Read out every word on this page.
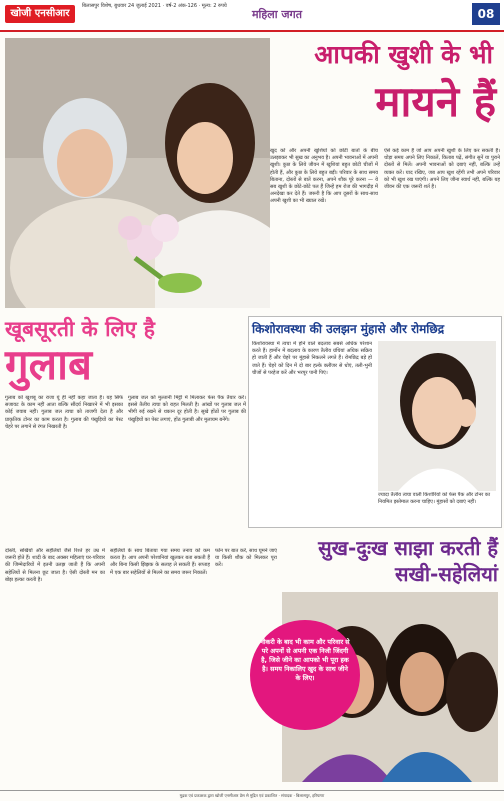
खोजी एनसीआर
बिलासपुर विशेष, बुधवार 24 जुलाई 2021 · वर्ष-2 अंक-126 · मूल्य: 2 रुपये
महिला जगत	08
आपकी खुशी के भी
मायने हैं
खुद को और अपनी खुशियों को छोटी बातों के बीच उलझाकर भी सुख का अनुभव है। अपनी भावनाओं में अपनी खुशी। कुछ के लिये जीवन में खुशियां बहुत छोटी चीजों में होती हैं, और कुछ के लिये बहुत बड़ी। परिवार के साथ समय बिताना, दोस्तों से बातें करना, अपने शौक पूरे करना — ये सब खुशी के छोटे-छोटे पल हैं जिन्हें हम रोज की भागदौड़ में अनदेखा कर देते हैं। जरूरी है कि आप दूसरों के साथ-साथ अपनी खुशी का भी ख्याल रखें।
ऐसे कई काम हैं जो आप अपनी खुशी के लिए कर सकती हैं। थोड़ा समय अपने लिए निकालें, किताब पढ़ें, संगीत सुनें या पुराने दोस्तों से मिलें। अपनी भावनाओं को दबाएं नहीं, बल्कि उन्हें व्यक्त करें। याद रखिए, जब आप खुश रहेंगी तभी अपने परिवार को भी खुश रख पाएंगी। अपने लिए जीना स्वार्थ नहीं, बल्कि यह जीवन की एक जरूरी शर्त है।
खूबसूरती के लिए है
गुलाब
गुलाब को खुशबू का राजा यूं ही नहीं कहा जाता है। यह सिर्फ सजावट के काम नहीं आता बल्कि सौंदर्य निखारने में भी इसका कोई जवाब नहीं। गुलाब जल त्वचा को ताजगी देता है और प्राकृतिक टोनर का काम करता है। गुलाब की पंखुड़ियों का पेस्ट चेहरे पर लगाने से रंगत निखरती है।
गुलाब जल को मुल्तानी मिट्टी में मिलाकर फेस पैक तैयार करें। इससे तैलीय त्वचा को राहत मिलती है। आंखों पर गुलाब जल में भीगी रुई रखने से थकान दूर होती है। सूखे होंठों पर गुलाब की पंखुड़ियों का पेस्ट लगाएं, होंठ गुलाबी और मुलायम बनेंगे।
किशोरावस्था की उलझन मुंहासे और रोमछिद्र
किशोरावस्था में त्वचा में होने वाले बदलाव सबसे अधिक परेशान करते हैं। हार्मोन में बदलाव के कारण तैलीय ग्रंथियां अधिक सक्रिय हो जाती हैं और चेहरे पर मुंहासे निकलने लगते हैं। रोमछिद्र बड़े हो जाते हैं। चेहरे को दिन में दो बार हल्के क्लींजर से धोएं, तली-भुनी चीजों से परहेज करें और भरपूर पानी पिएं।
ज्यादा तैलीय त्वचा वाली किशोरियों को फेस पैक और टोनर का नियमित इस्तेमाल करना चाहिए। मुंहासों को दबाएं नहीं।
दोस्ती, सखियों और सहेलियों जैसे रिश्ते हर उम्र में जरूरी होते हैं। शादी के बाद अक्सर महिलाएं घर-परिवार की जिम्मेदारियों में इतनी उलझ जाती हैं कि अपनी सहेलियों से मिलना छूट जाता है। ऐसी दोस्ती मन का बोझ हल्का करती है।
सहेलियों के साथ बिताया गया समय तनाव को कम करता है। आप अपनी परेशानियां खुलकर बता सकती हैं और बिना किसी झिझक के सलाह ले सकती हैं। सप्ताह में एक बार सहेलियों से मिलने का समय जरूर निकालें।
फोन पर बात करें, साथ घूमने जाएं या किसी शौक को मिलकर पूरा करें।
सुख-दुःख साझा करती हैं
सखी-सहेलियां
नौकरी के बाद भी काम और परिवार से परे अपनों से अपनी एक निजी जिंदगी है, जिसे जीने का आपको भी पूरा हक है। समय निकालिए खुद के साथ जीने के लिए।
मुद्रक एवं प्रकाशक द्वारा खोजी एनसीआर प्रेस से मुद्रित एवं प्रकाशित · संपादक · बिलासपुर, हरियाणा
